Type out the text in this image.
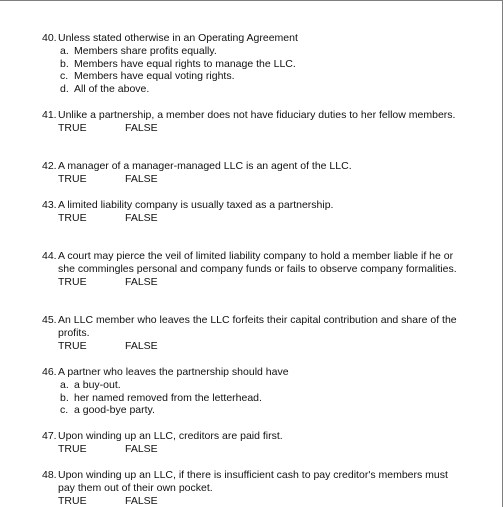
40. Unless stated otherwise in an Operating Agreement
a. Members share profits equally.
b. Members have equal rights to manage the LLC.
c. Members have equal voting rights.
d. All of the above.
41. Unlike a partnership, a member does not have fiduciary duties to her fellow members.
TRUE	FALSE
42. A manager of a manager-managed LLC is an agent of the LLC.
TRUE	FALSE
43. A limited liability company is usually taxed as a partnership.
TRUE	FALSE
44. A court may pierce the veil of limited liability company to hold a member liable if he or she commingles personal and company funds or fails to observe company formalities.
TRUE	FALSE
45. An LLC member who leaves the LLC forfeits their capital contribution and share of the profits.
TRUE	FALSE
46. A partner who leaves the partnership should have
a. a buy-out.
b. her named removed from the letterhead.
c. a good-bye party.
47. Upon winding up an LLC, creditors are paid first.
TRUE	FALSE
48. Upon winding up an LLC, if there is insufficient cash to pay creditor's members must pay them out of their own pocket.
TRUE	FALSE
